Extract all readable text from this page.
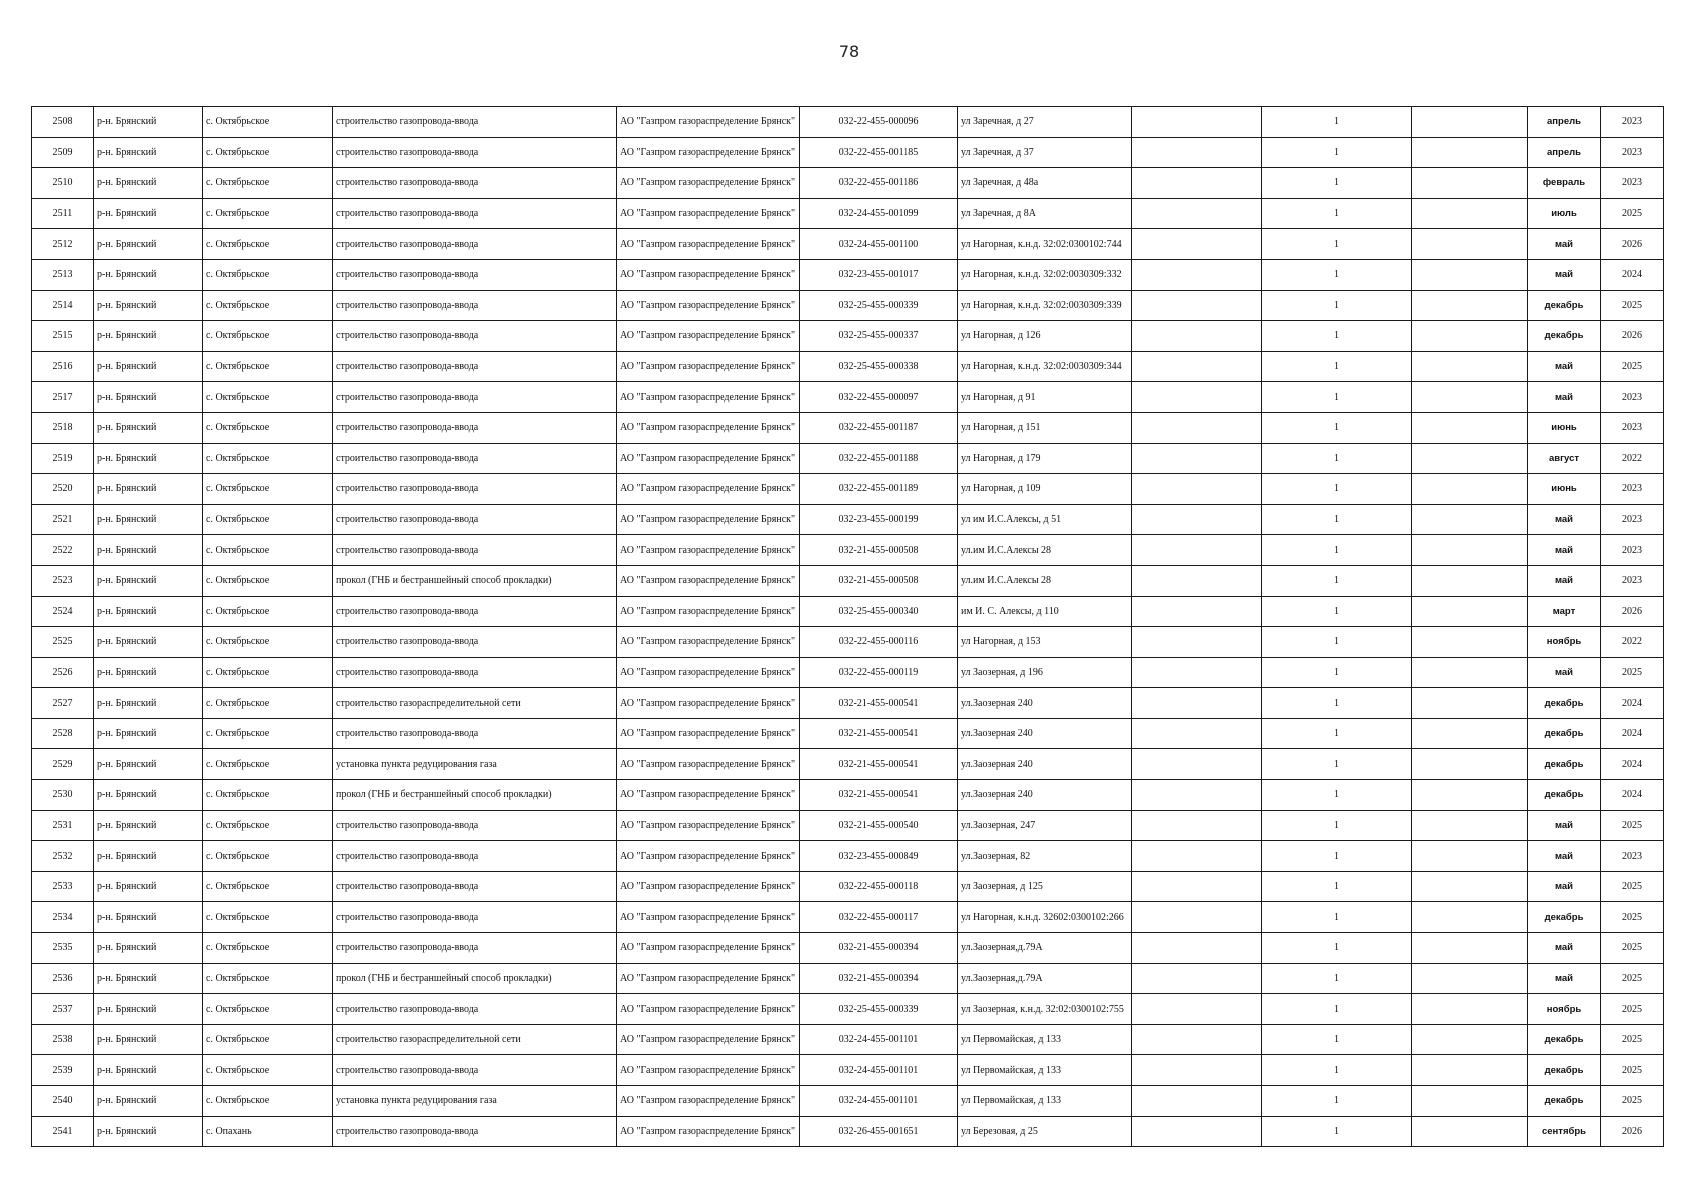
78
2508	р-н. Брянский	с. Октябрьское	строительство газопровода-ввода	АО "Газпром газораспределение Брянск"	032-22-455-000096	ул Заречная, д 27		1		апрель	2023
2509	р-н. Брянский	с. Октябрьское	строительство газопровода-ввода	АО "Газпром газораспределение Брянск"	032-22-455-001185	ул Заречная, д 37		1		апрель	2023
2510	р-н. Брянский	с. Октябрьское	строительство газопровода-ввода	АО "Газпром газораспределение Брянск"	032-22-455-001186	ул Заречная, д 48а		1		февраль	2023
2511	р-н. Брянский	с. Октябрьское	строительство газопровода-ввода	АО "Газпром газораспределение Брянск"	032-24-455-001099	ул Заречная, д 8А		1		июль	2025
2512	р-н. Брянский	с. Октябрьское	строительство газопровода-ввода	АО "Газпром газораспределение Брянск"	032-24-455-001100	ул Нагорная, к.н.д. 32:02:0300102:744		1		май	2026
2513	р-н. Брянский	с. Октябрьское	строительство газопровода-ввода	АО "Газпром газораспределение Брянск"	032-23-455-001017	ул Нагорная, к.н.д. 32:02:0030309:332		1		май	2024
2514	р-н. Брянский	с. Октябрьское	строительство газопровода-ввода	АО "Газпром газораспределение Брянск"	032-25-455-000339	ул Нагорная, к.н.д. 32:02:0030309:339		1		декабрь	2025
2515	р-н. Брянский	с. Октябрьское	строительство газопровода-ввода	АО "Газпром газораспределение Брянск"	032-25-455-000337	ул Нагорная, д 126		1		декабрь	2026
2516	р-н. Брянский	с. Октябрьское	строительство газопровода-ввода	АО "Газпром газораспределение Брянск"	032-25-455-000338	ул Нагорная, к.н.д. 32:02:0030309:344		1		май	2025
2517	р-н. Брянский	с. Октябрьское	строительство газопровода-ввода	АО "Газпром газораспределение Брянск"	032-22-455-000097	ул Нагорная, д 91		1		май	2023
2518	р-н. Брянский	с. Октябрьское	строительство газопровода-ввода	АО "Газпром газораспределение Брянск"	032-22-455-001187	ул Нагорная, д 151		1		июнь	2023
2519	р-н. Брянский	с. Октябрьское	строительство газопровода-ввода	АО "Газпром газораспределение Брянск"	032-22-455-001188	ул Нагорная, д 179		1		август	2022
2520	р-н. Брянский	с. Октябрьское	строительство газопровода-ввода	АО "Газпром газораспределение Брянск"	032-22-455-001189	ул Нагорная, д 109		1		июнь	2023
2521	р-н. Брянский	с. Октябрьское	строительство газопровода-ввода	АО "Газпром газораспределение Брянск"	032-23-455-000199	ул им И.С.Алексы, д 51		1		май	2023
2522	р-н. Брянский	с. Октябрьское	строительство газопровода-ввода	АО "Газпром газораспределение Брянск"	032-21-455-000508	ул.им И.С.Алексы 28		1		май	2023
2523	р-н. Брянский	с. Октябрьское	прокол (ГНБ и бестраншейный способ прокладки)	АО "Газпром газораспределение Брянск"	032-21-455-000508	ул.им И.С.Алексы 28		1		май	2023
2524	р-н. Брянский	с. Октябрьское	строительство газопровода-ввода	АО "Газпром газораспределение Брянск"	032-25-455-000340	им И. С. Алексы, д 110		1		март	2026
2525	р-н. Брянский	с. Октябрьское	строительство газопровода-ввода	АО "Газпром газораспределение Брянск"	032-22-455-000116	ул Нагорная, д 153		1		ноябрь	2022
2526	р-н. Брянский	с. Октябрьское	строительство газопровода-ввода	АО "Газпром газораспределение Брянск"	032-22-455-000119	ул Заозерная, д 196		1		май	2025
2527	р-н. Брянский	с. Октябрьское	строительство газораспределительной сети	АО "Газпром газораспределение Брянск"	032-21-455-000541	ул.Заозерная 240		1		декабрь	2024
2528	р-н. Брянский	с. Октябрьское	строительство газопровода-ввода	АО "Газпром газораспределение Брянск"	032-21-455-000541	ул.Заозерная 240		1		декабрь	2024
2529	р-н. Брянский	с. Октябрьское	установка пункта редуцирования газа	АО "Газпром газораспределение Брянск"	032-21-455-000541	ул.Заозерная 240		1		декабрь	2024
2530	р-н. Брянский	с. Октябрьское	прокол (ГНБ и бестраншейный способ прокладки)	АО "Газпром газораспределение Брянск"	032-21-455-000541	ул.Заозерная 240		1		декабрь	2024
2531	р-н. Брянский	с. Октябрьское	строительство газопровода-ввода	АО "Газпром газораспределение Брянск"	032-21-455-000540	ул.Заозерная, 247		1		май	2025
2532	р-н. Брянский	с. Октябрьское	строительство газопровода-ввода	АО "Газпром газораспределение Брянск"	032-23-455-000849	ул.Заозерная, 82		1		май	2023
2533	р-н. Брянский	с. Октябрьское	строительство газопровода-ввода	АО "Газпром газораспределение Брянск"	032-22-455-000118	ул Заозерная, д 125		1		май	2025
2534	р-н. Брянский	с. Октябрьское	строительство газопровода-ввода	АО "Газпром газораспределение Брянск"	032-22-455-000117	ул Нагорная, к.н.д. 32602:0300102:266		1		декабрь	2025
2535	р-н. Брянский	с. Октябрьское	строительство газопровода-ввода	АО "Газпром газораспределение Брянск"	032-21-455-000394	ул.Заозерная,д.79А		1		май	2025
2536	р-н. Брянский	с. Октябрьское	прокол (ГНБ и бестраншейный способ прокладки)	АО "Газпром газораспределение Брянск"	032-21-455-000394	ул.Заозерная,д.79А		1		май	2025
2537	р-н. Брянский	с. Октябрьское	строительство газопровода-ввода	АО "Газпром газораспределение Брянск"	032-25-455-000339	ул Заозерная, к.н.д. 32:02:0300102:755		1		ноябрь	2025
2538	р-н. Брянский	с. Октябрьское	строительство газораспределительной сети	АО "Газпром газораспределение Брянск"	032-24-455-001101	ул Первомайская, д 133		1		декабрь	2025
2539	р-н. Брянский	с. Октябрьское	строительство газопровода-ввода	АО "Газпром газораспределение Брянск"	032-24-455-001101	ул Первомайская, д 133		1		декабрь	2025
2540	р-н. Брянский	с. Октябрьское	установка пункта редуцирования газа	АО "Газпром газораспределение Брянск"	032-24-455-001101	ул Первомайская, д 133		1		декабрь	2025
2541	р-н. Брянский	с. Опахань	строительство газопровода-ввода	АО "Газпром газораспределение Брянск"	032-26-455-001651	ул Березовая, д 25		1		сентябрь	2026
